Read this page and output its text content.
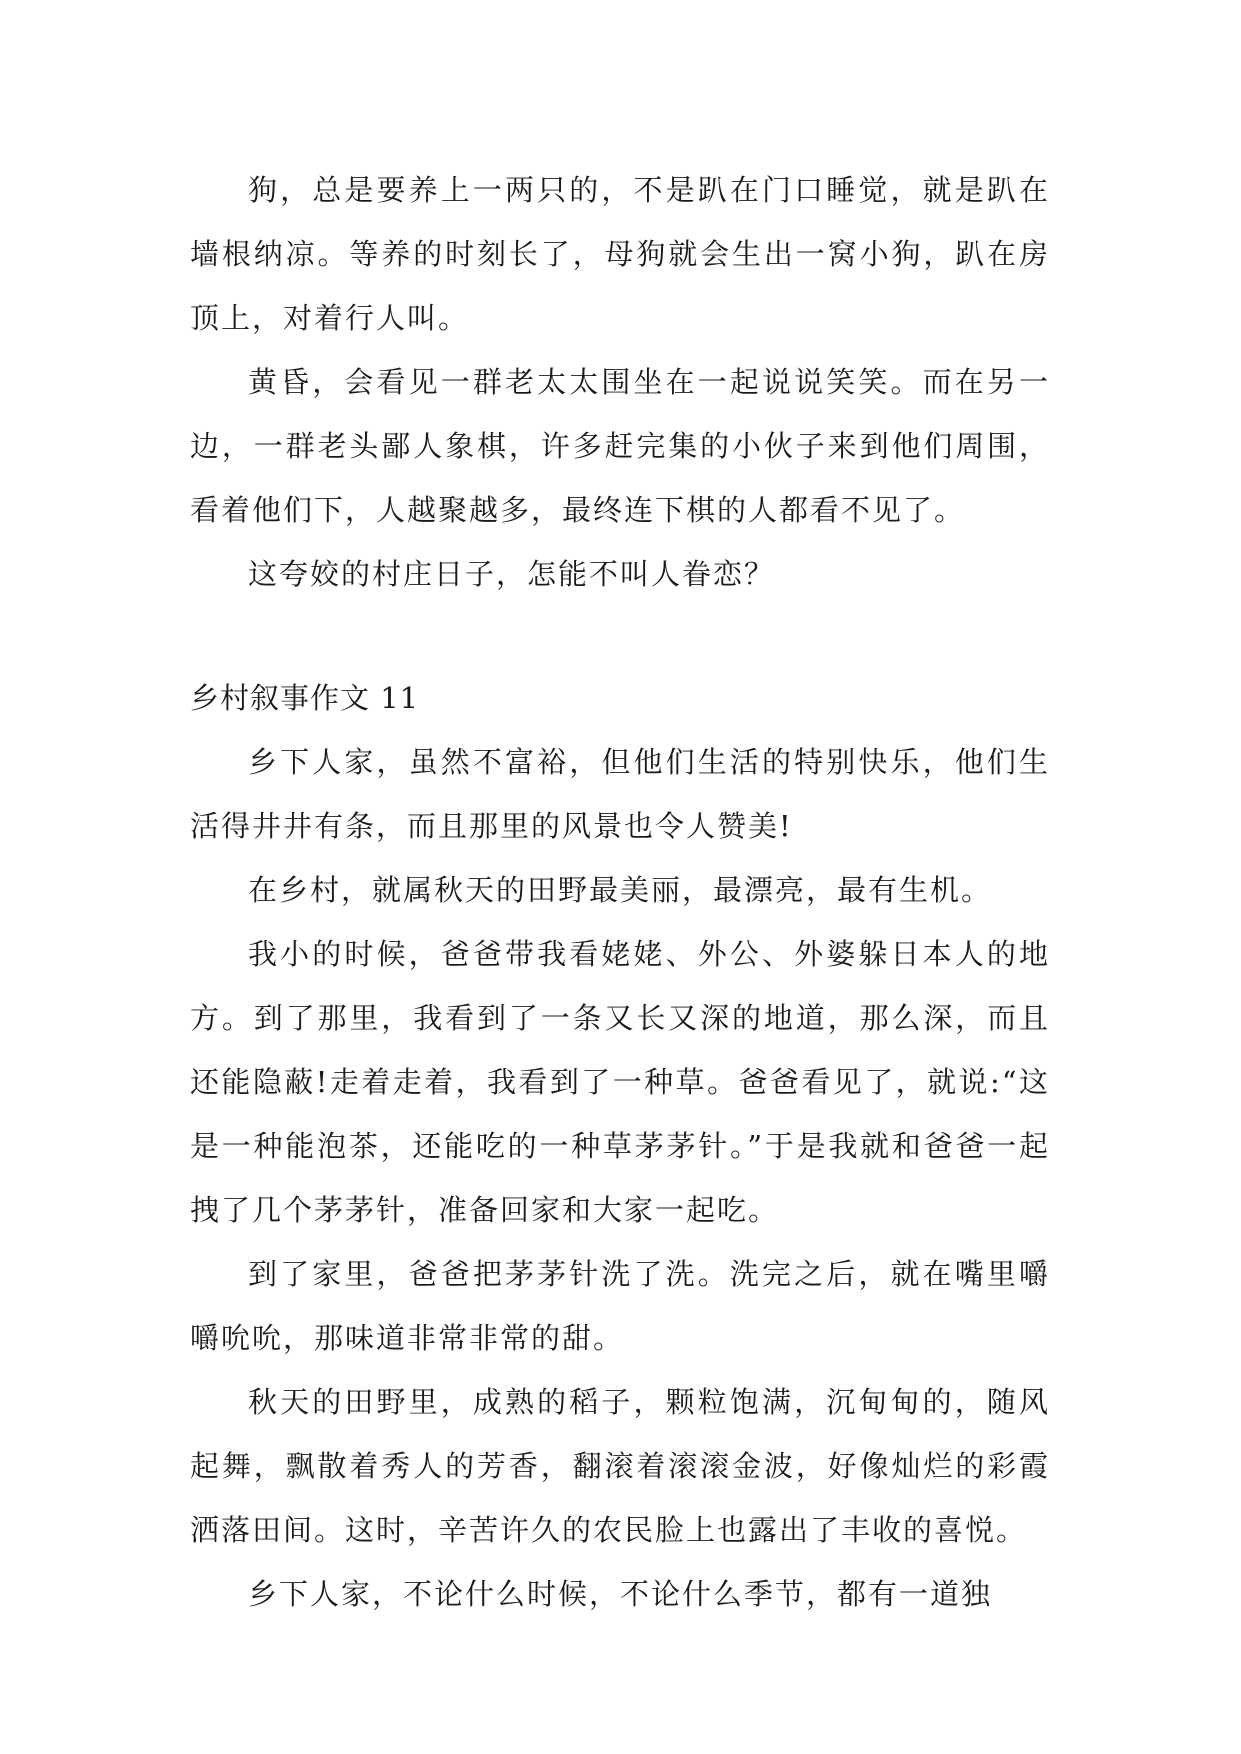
狗，总是要养上一两只的，不是趴在门口睡觉，就是趴在墙根纳凉。等养的时刻长了，母狗就会生出一窝小狗，趴在房顶上，对着行人叫。

黄昏，会看见一群老太太围坐在一起说说笑笑。而在另一边，一群老头鄙人象棋，许多赶完集的小伙子来到他们周围，看着他们下，人越聚越多，最终连下棋的人都看不见了。

这夸姣的村庄日子，怎能不叫人眷恋？

乡村叙事作文 11

乡下人家，虽然不富裕，但他们生活的特别快乐，他们生活得井井有条，而且那里的风景也令人赞美!

在乡村，就属秋天的田野最美丽，最漂亮，最有生机。

我小的时候，爸爸带我看姥姥、外公、外婆躲日本人的地方。到了那里，我看到了一条又长又深的地道，那么深，而且还能隐蔽!走着走着，我看到了一种草。爸爸看见了，就说:“这是一种能泡茶，还能吃的一种草茅茅针。”于是我就和爸爸一起拽了几个茅茅针，准备回家和大家一起吃。

到了家里，爸爸把茅茅针洗了洗。洗完之后，就在嘴里嚼嚼吮吮，那味道非常非常的甜。

秋天的田野里，成熟的稻子，颗粒饱满，沉甸甸的，随风起舞，飘散着秀人的芳香，翻滚着滚滚金波，好像灿烂的彩霞洒落田间。这时，辛苦许久的农民脸上也露出了丰收的喜悦。

乡下人家，不论什么时候，不论什么季节，都有一道独
